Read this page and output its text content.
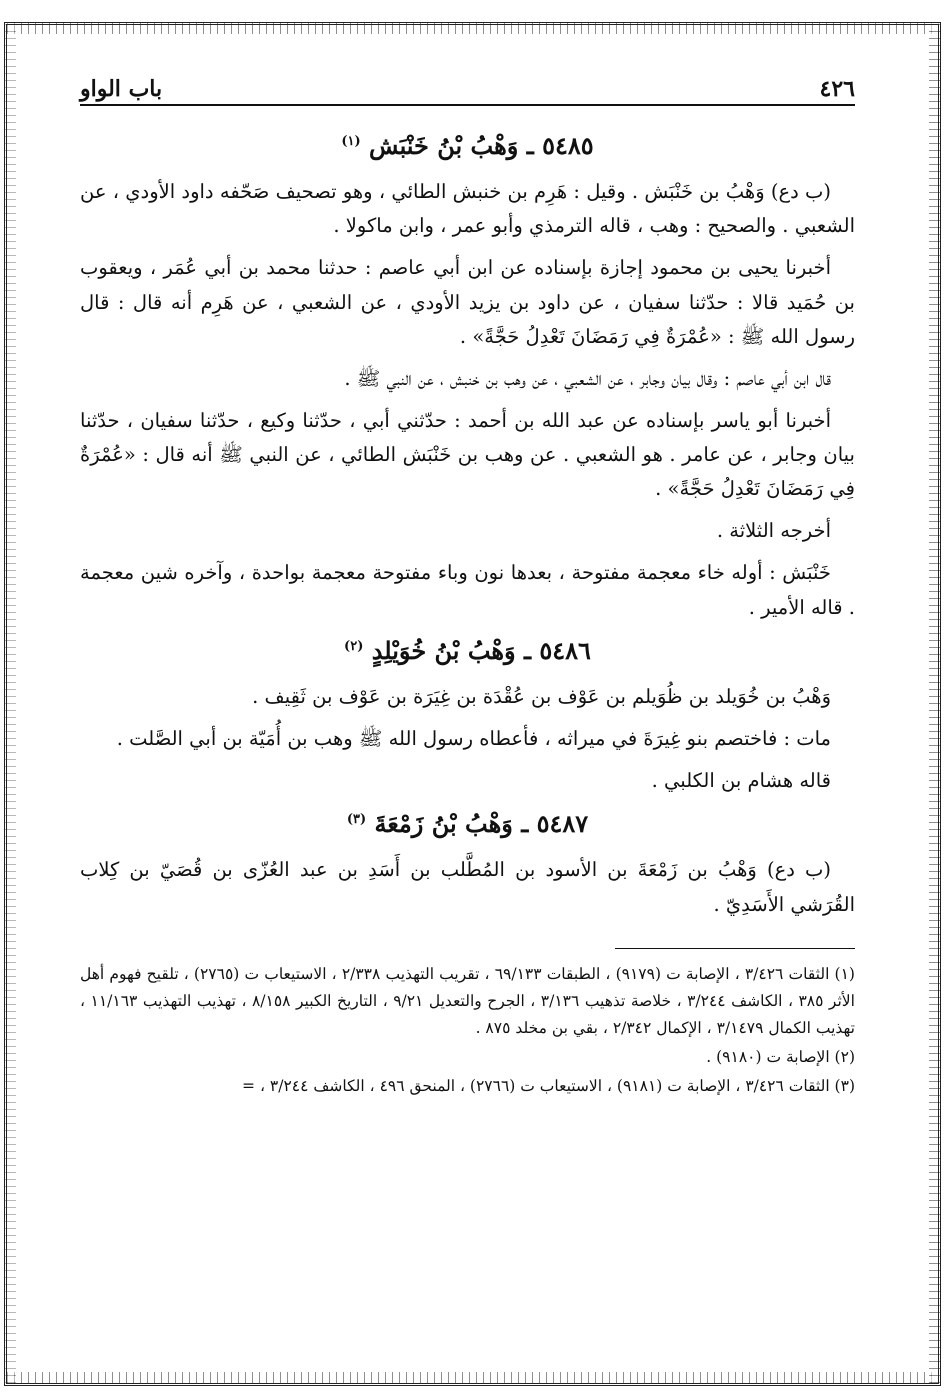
٤٢٦
باب الواو
٥٤٨٥ ـ وَهْبُ بْنُ خَنْبَش $^{(١)}$

(ب دع) وَهْبُ بن خَنْبَش . وقيل : هَرِم بن خنبش الطائي ، وهو تصحيف صَحّفه داود الأودي ، عن الشعبي . والصحيح : وهب ، قاله الترمذي وأبو عمر ، وابن ماكولا .

أخبرنا يحيى بن محمود إجازة بإسناده عن ابن أبي عاصم : حدثنا محمد بن أبي عُمَر ، ويعقوب بن حُمَيد قالا : حدّثنا سفيان ، عن داود بن يزيد الأودي ، عن الشعبي ، عن هَرِم أنه قال : قال رسول الله ﷺ : «عُمْرَةٌ فِي رَمَضَانَ تَعْدِلُ حَجَّةً» .

قال ابن أبي عاصم : وقال بيان وجابر ، عن الشعبي ، عن وهب بن خنبش ، عن النبي ﷺ .

أخبرنا أبو ياسر بإسناده عن عبد الله بن أحمد : حدّثني أبي ، حدّثنا وكيع ، حدّثنا سفيان ، حدّثنا بيان وجابر ، عن عامر . هو الشعبي . عن وهب بن خَنْبَش الطائي ، عن النبي ﷺ أنه قال : «عُمْرَةٌ فِي رَمَضَانَ تَعْدِلُ حَجَّةً» .

أخرجه الثلاثة .

خَنْبَش : أوله خاء معجمة مفتوحة ، بعدها نون وباء مفتوحة معجمة بواحدة ، وآخره شين معجمة . قاله الأمير .

٥٤٨٦ ـ وَهْبُ بْنُ خُوَيْلِدٍ $^{(٢)}$

وَهْبُ بن خُوَيلد بن ظُوَيلم بن عَوْف بن عُقْدَة بن غِيَرَة بن عَوْف بن ثَقِيف .

مات : فاختصم بنو غِيرَةَ في ميراثه ، فأعطاه رسول الله ﷺ وهب بن أُمَيّة بن أبي الصَّلت .

قاله هشام بن الكلبي .

٥٤٨٧ ـ وَهْبُ بْنُ زَمْعَةَ $^{(٣)}$

(ب دع) وَهْبُ بن زَمْعَةَ بن الأسود بن المُطَّلب بن أَسَدِ بن عبد العُزّى بن قُصَيّ بن كِلاب القُرَشي الأَسَدِيّ .

(١) الثقات ٣/٤٢٦ ، الإصابة ت (٩١٧٩) ، الطبقات ٦٩/١٣٣ ، تقريب التهذيب ٢/٣٣٨ ، الاستيعاب ت (٢٧٦٥) ، تلقيح فهوم أهل الأثر ٣٨٥ ، الكاشف ٣/٢٤٤ ، خلاصة تذهيب ٣/١٣٦ ، الجرح والتعديل ٩/٢١ ، التاريخ الكبير ٨/١٥٨ ، تهذيب التهذيب ١١/١٦٣ ، تهذيب الكمال ٣/١٤٧٩ ، الإكمال ٢/٣٤٢ ، بقي بن مخلد ٨٧٥ .

(٢) الإصابة ت (٩١٨٠) .

(٣) الثقات ٣/٤٢٦ ، الإصابة ت (٩١٨١) ، الاستيعاب ت (٢٧٦٦) ، المنحق ٤٩٦ ، الكاشف ٣/٢٤٤ ، =
